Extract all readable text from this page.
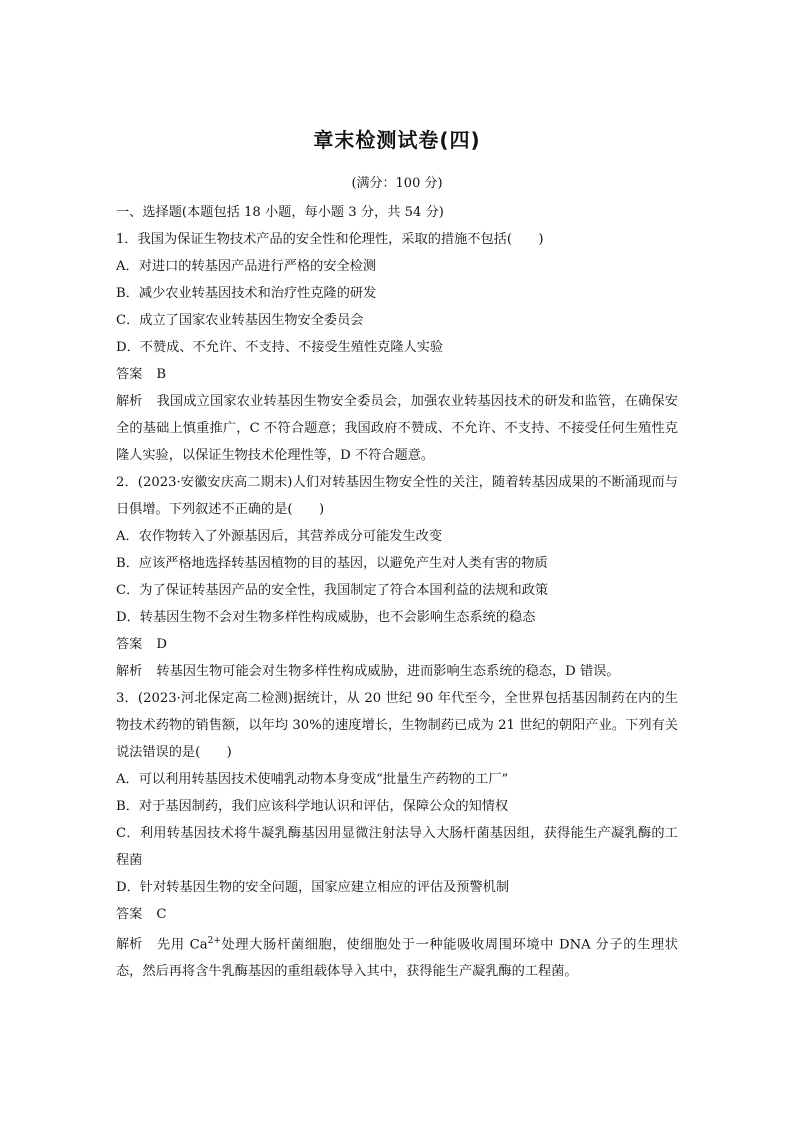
章末检测试卷(四)
(满分：100 分)
一、选择题(本题包括 18 小题，每小题 3 分，共 54 分)
1．我国为保证生物技术产品的安全性和伦理性，采取的措施不包括(　　)
A．对进口的转基因产品进行严格的安全检测
B．减少农业转基因技术和治疗性克隆的研发
C．成立了国家农业转基因生物安全委员会
D．不赞成、不允许、不支持、不接受生殖性克隆人实验
答案 B
解析 我国成立国家农业转基因生物安全委员会，加强农业转基因技术的研发和监管，在确保安全的基础上慎重推广，C 不符合题意；我国政府不赞成、不允许、不支持、不接受任何生殖性克隆人实验，以保证生物技术伦理性等，D 不符合题意。
2．(2023·安徽安庆高二期末)人们对转基因生物安全性的关注，随着转基因成果的不断涌现而与日俱增。下列叙述不正确的是(　　)
A．农作物转入了外源基因后，其营养成分可能发生改变
B．应该严格地选择转基因植物的目的基因，以避免产生对人类有害的物质
C．为了保证转基因产品的安全性，我国制定了符合本国利益的法规和政策
D．转基因生物不会对生物多样性构成威胁，也不会影响生态系统的稳态
答案 D
解析 转基因生物可能会对生物多样性构成威胁，进而影响生态系统的稳态，D 错误。
3．(2023·河北保定高二检测)据统计，从 20 世纪 90 年代至今，全世界包括基因制药在内的生物技术药物的销售额，以年均 30%的速度增长，生物制药已成为 21 世纪的朝阳产业。下列有关说法错误的是(　　)
A．可以利用转基因技术使哺乳动物本身变成“批量生产药物的工厂”
B．对于基因制药，我们应该科学地认识和评估，保障公众的知情权
C．利用转基因技术将牛凝乳酶基因用显微注射法导入大肠杆菌基因组，获得能生产凝乳酶的工程菌
D．针对转基因生物的安全问题，国家应建立相应的评估及预警机制
答案 C
解析 先用 $Ca^{2+}$处理大肠杆菌细胞，使细胞处于一种能吸收周围环境中 DNA 分子的生理状态，然后再将含牛乳酶基因的重组载体导入其中，获得能生产凝乳酶的工程菌。
